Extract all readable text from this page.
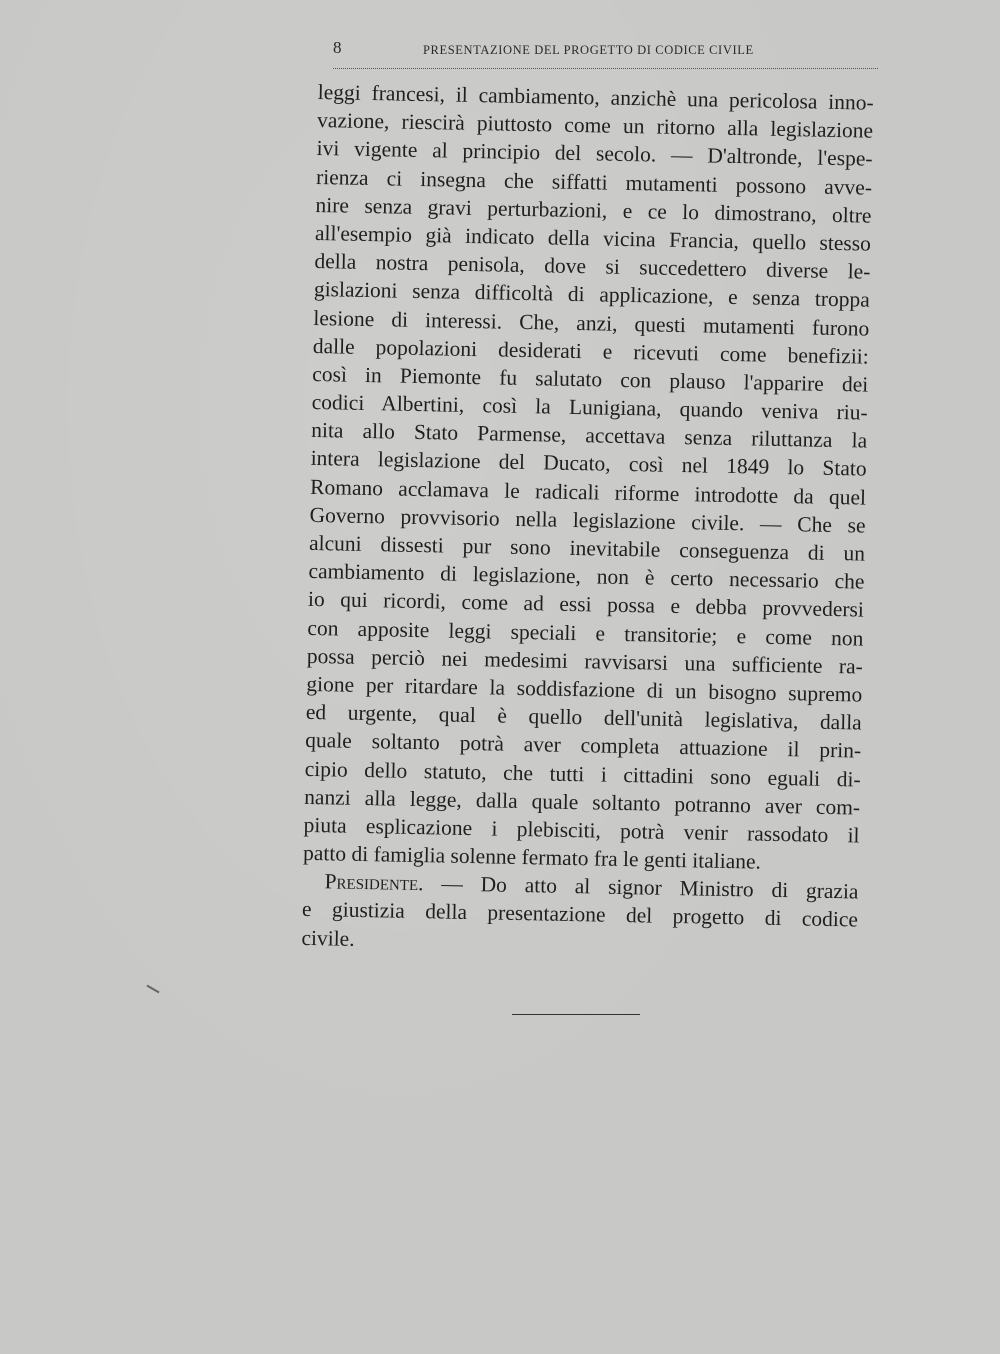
8	PRESENTAZIONE DEL PROGETTO DI CODICE CIVILE
leggi francesi, il cambiamento, anzichè una pericolosa inno-
vazione, riescirà piuttosto come un ritorno alla legislazione
ivi vigente al principio del secolo. — D'altronde, l'espe-
rienza ci insegna che siffatti mutamenti possono avve-
nire senza gravi perturbazioni, e ce lo dimostrano, oltre
all'esempio già indicato della vicina Francia, quello stesso
della nostra penisola, dove si succedettero diverse le-
gislazioni senza difficoltà di applicazione, e senza troppa
lesione di interessi. Che, anzi, questi mutamenti furono
dalle popolazioni desiderati e ricevuti come benefizii:
così in Piemonte fu salutato con plauso l'apparire dei
codici Albertini, così la Lunigiana, quando veniva riu-
nita allo Stato Parmense, accettava senza riluttanza la
intera legislazione del Ducato, così nel 1849 lo Stato
Romano acclamava le radicali riforme introdotte da quel
Governo provvisorio nella legislazione civile. — Che se
alcuni dissesti pur sono inevitabile conseguenza di un
cambiamento di legislazione, non è certo necessario che
io qui ricordi, come ad essi possa e debba provvedersi
con apposite leggi speciali e transitorie; e come non
possa perciò nei medesimi ravvisarsi una sufficiente ra-
gione per ritardare la soddisfazione di un bisogno supremo
ed urgente, qual è quello dell'unità legislativa, dalla
quale soltanto potrà aver completa attuazione il prin-
cipio dello statuto, che tutti i cittadini sono eguali di-
nanzi alla legge, dalla quale soltanto potranno aver com-
piuta esplicazione i plebisciti, potrà venir rassodato il
patto di famiglia solenne fermato fra le genti italiane.
Presidente. — Do atto al signor Ministro di grazia
e giustizia della presentazione del progetto di codice
civile.
